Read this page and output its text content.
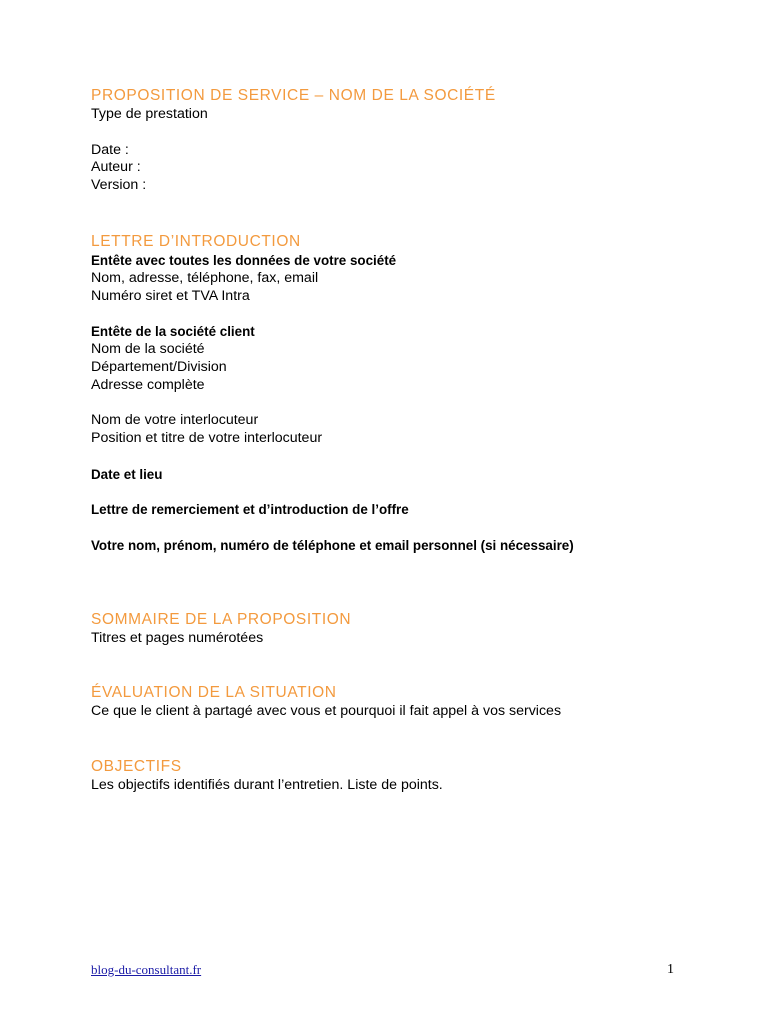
PROPOSITION DE SERVICE – NOM DE LA SOCIÉTÉ
Type de prestation
Date :
Auteur :
Version :
LETTRE D’INTRODUCTION
Entête avec toutes les données de votre société
Nom, adresse, téléphone, fax, email
Numéro siret et TVA Intra
Entête de la société client
Nom de la société
Département/Division
Adresse complète
Nom de votre interlocuteur
Position et titre de votre interlocuteur
Date et lieu
Lettre de remerciement et d’introduction de l’offre
Votre nom, prénom, numéro de téléphone et email personnel (si nécessaire)
SOMMAIRE DE LA PROPOSITION
Titres et pages numérotées
ÉVALUATION DE LA SITUATION
Ce que le client à partagé avec vous et pourquoi il fait appel à vos services
OBJECTIFS
Les objectifs identifiés durant l’entretien. Liste de points.
blog-du-consultant.fr	1
